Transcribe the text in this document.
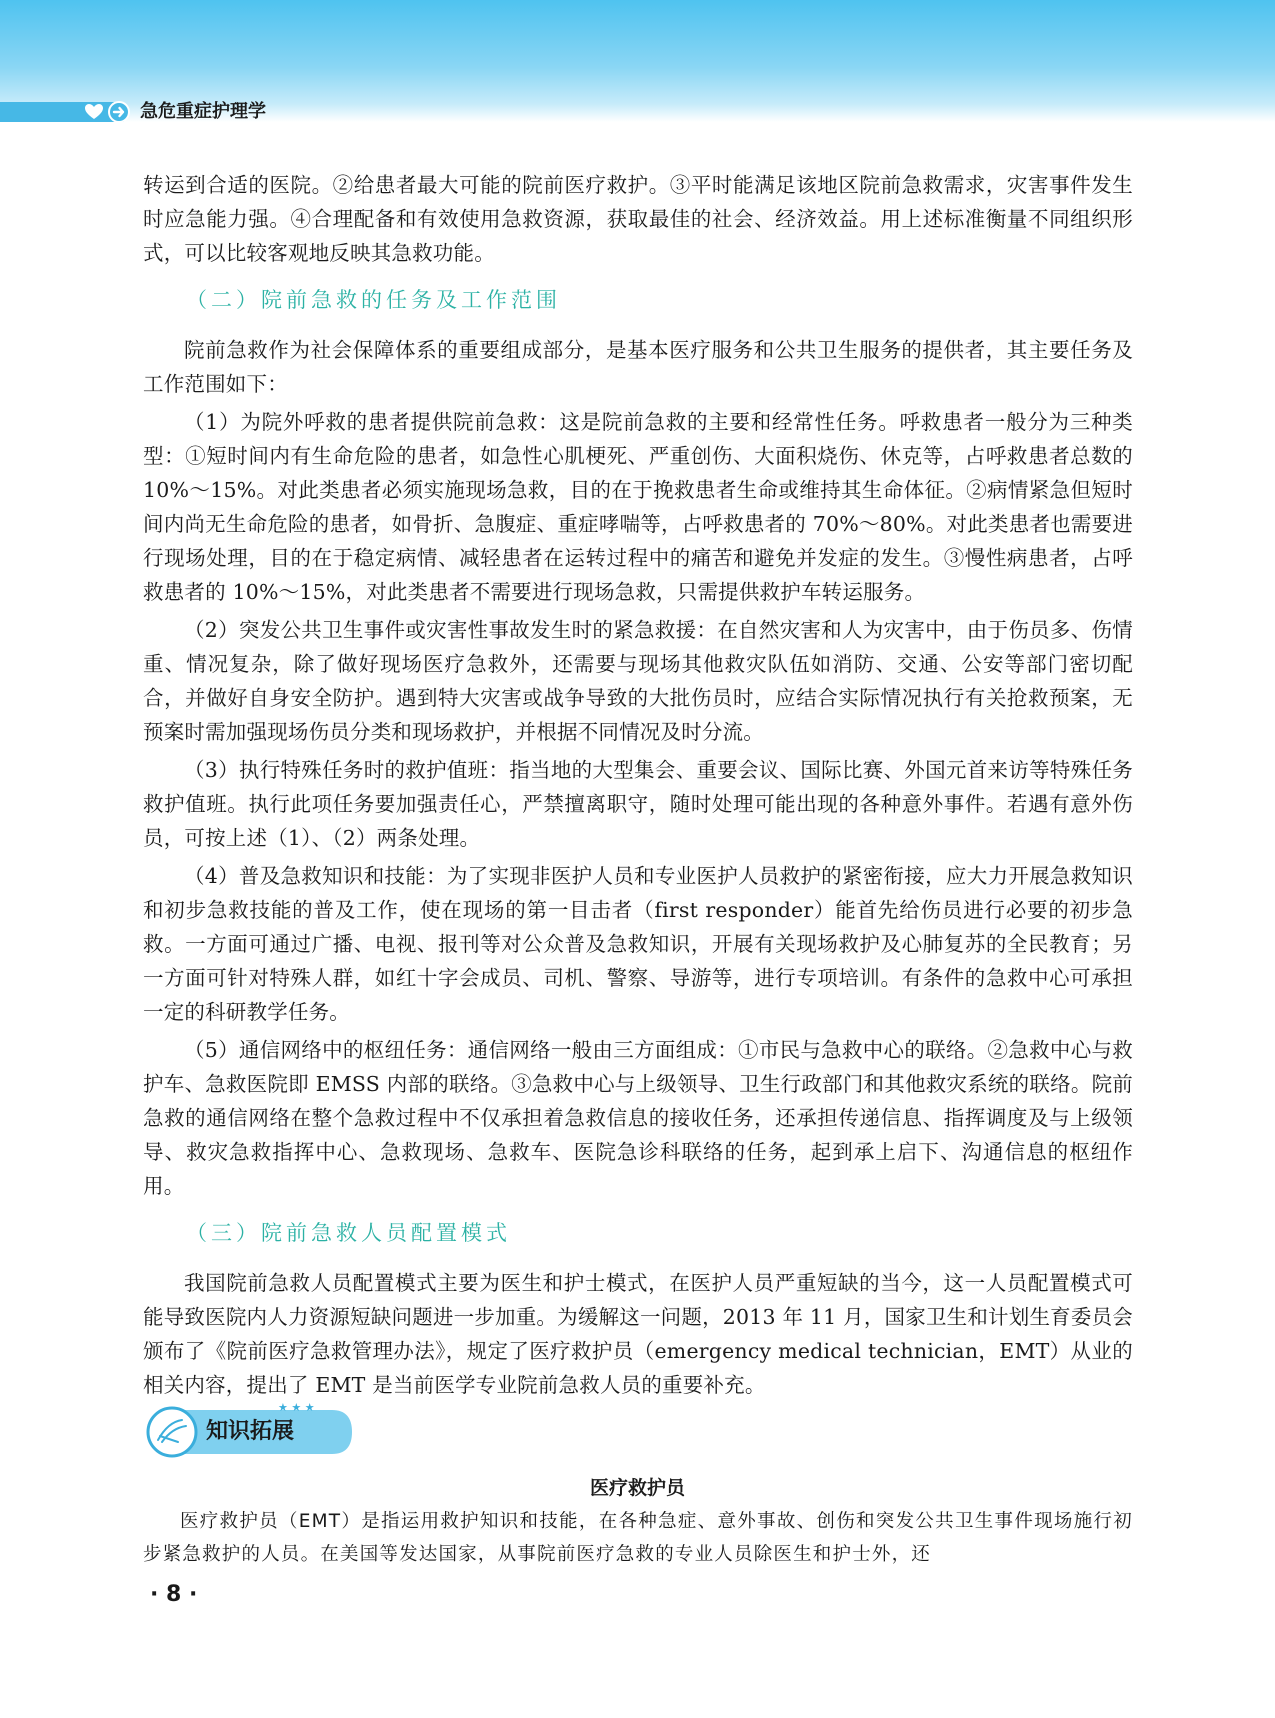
急危重症护理学

转运到合适的医院。②给患者最大可能的院前医疗救护。③平时能满足该地区院前急救需求，灾害事件发生时应急能力强。④合理配备和有效使用急救资源，获取最佳的社会、经济效益。用上述标准衡量不同组织形式，可以比较客观地反映其急救功能。

（二）院前急救的任务及工作范围

院前急救作为社会保障体系的重要组成部分，是基本医疗服务和公共卫生服务的提供者，其主要任务及工作范围如下：

（1）为院外呼救的患者提供院前急救：这是院前急救的主要和经常性任务。呼救患者一般分为三种类型：①短时间内有生命危险的患者，如急性心肌梗死、严重创伤、大面积烧伤、休克等，占呼救患者总数的 10%～15%。对此类患者必须实施现场急救，目的在于挽救患者生命或维持其生命体征。②病情紧急但短时间内尚无生命危险的患者，如骨折、急腹症、重症哮喘等，占呼救患者的 70%～80%。对此类患者也需要进行现场处理，目的在于稳定病情、减轻患者在运转过程中的痛苦和避免并发症的发生。③慢性病患者，占呼救患者的 10%～15%，对此类患者不需要进行现场急救，只需提供救护车转运服务。

（2）突发公共卫生事件或灾害性事故发生时的紧急救援：在自然灾害和人为灾害中，由于伤员多、伤情重、情况复杂，除了做好现场医疗急救外，还需要与现场其他救灾队伍如消防、交通、公安等部门密切配合，并做好自身安全防护。遇到特大灾害或战争导致的大批伤员时，应结合实际情况执行有关抢救预案，无预案时需加强现场伤员分类和现场救护，并根据不同情况及时分流。

（3）执行特殊任务时的救护值班：指当地的大型集会、重要会议、国际比赛、外国元首来访等特殊任务救护值班。执行此项任务要加强责任心，严禁擅离职守，随时处理可能出现的各种意外事件。若遇有意外伤员，可按上述（1）、（2）两条处理。

（4）普及急救知识和技能：为了实现非医护人员和专业医护人员救护的紧密衔接，应大力开展急救知识和初步急救技能的普及工作，使在现场的第一目击者（first responder）能首先给伤员进行必要的初步急救。一方面可通过广播、电视、报刊等对公众普及急救知识，开展有关现场救护及心肺复苏的全民教育；另一方面可针对特殊人群，如红十字会成员、司机、警察、导游等，进行专项培训。有条件的急救中心可承担一定的科研教学任务。

（5）通信网络中的枢纽任务：通信网络一般由三方面组成：①市民与急救中心的联络。②急救中心与救护车、急救医院即 EMSS 内部的联络。③急救中心与上级领导、卫生行政部门和其他救灾系统的联络。院前急救的通信网络在整个急救过程中不仅承担着急救信息的接收任务，还承担传递信息、指挥调度及与上级领导、救灾急救指挥中心、急救现场、急救车、医院急诊科联络的任务，起到承上启下、沟通信息的枢纽作用。

（三）院前急救人员配置模式

我国院前急救人员配置模式主要为医生和护士模式，在医护人员严重短缺的当今，这一人员配置模式可能导致医院内人力资源短缺问题进一步加重。为缓解这一问题，2013 年 11 月，国家卫生和计划生育委员会颁布了《院前医疗急救管理办法》，规定了医疗救护员（emergency medical technician，EMT）从业的相关内容，提出了 EMT 是当前医学专业院前急救人员的重要补充。

★ ★ ★
★ ★
知识拓展
医疗救护员

医疗救护员（EMT）是指运用救护知识和技能，在各种急症、意外事故、创伤和突发公共卫生事件现场施行初步紧急救护的人员。在美国等发达国家，从事院前医疗急救的专业人员除医生和护士外，还

· 8 ·
